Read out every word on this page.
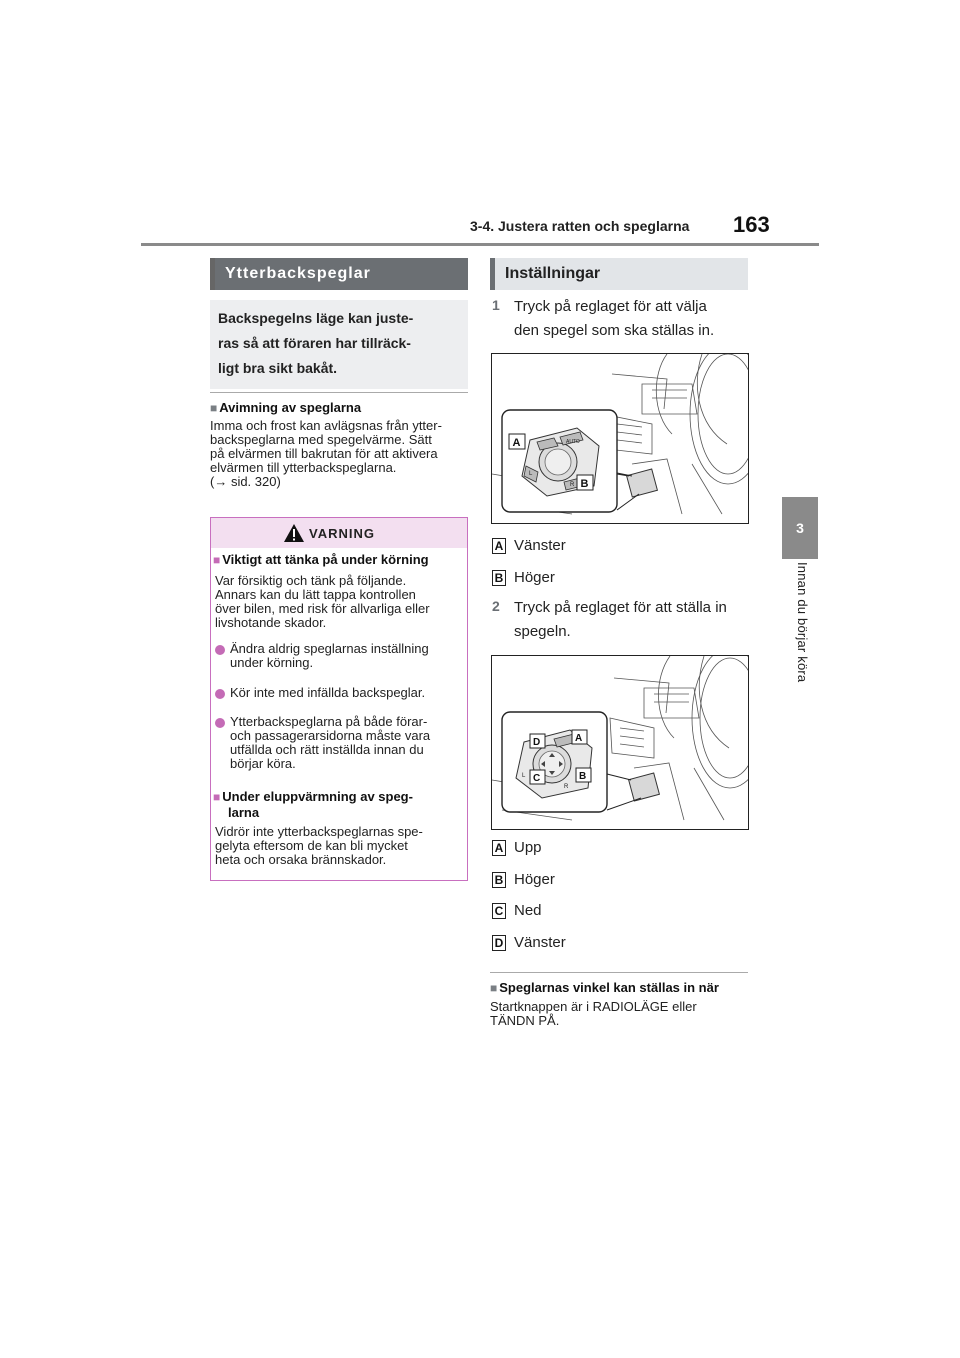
3-4. Justera ratten och speglarna 163
3
Innan du börjar köra
Ytterbackspeglar
Backspegelns läge kan juste-
ras så att föraren har tillräck-
ligt bra sikt bakåt.
■ Avimning av speglarna
Imma och frost kan avlägsnas från ytter-
backspeglarna med spegelvärme. Sätt
på elvärmen till bakrutan för att aktivera
elvärmen till ytterbackspeglarna.
(→ sid. 320)
VARNING
■ Viktigt att tänka på under körning
Var försiktig och tänk på följande.
Annars kan du lätt tappa kontrollen
över bilen, med risk för allvarliga eller
livshotande skador.
Ändra aldrig speglarnas inställning
under körning.
Kör inte med infällda backspeglar.
Ytterbackspeglarna på både förar-
och passagerarsidorna måste vara
utfällda och rätt inställda innan du
börjar köra.
■ Under eluppvärmning av speg-
larna
Vidrör inte ytterbackspeglarnas spe-
gelyta eftersom de kan bli mycket
heta och orsaka brännskador.
Inställningar
1 Tryck på reglaget för att välja
den spegel som ska ställas in.
AUTO
L
R
A
B
A Vänster
B Höger
2 Tryck på reglaget för att ställa in
spegeln.
L
R
D	A
C	B
A Upp
B Höger
C Ned
D Vänster
■ Speglarnas vinkel kan ställas in när
Startknappen är i RADIOLÄGE eller
TÄNDN PÅ.
